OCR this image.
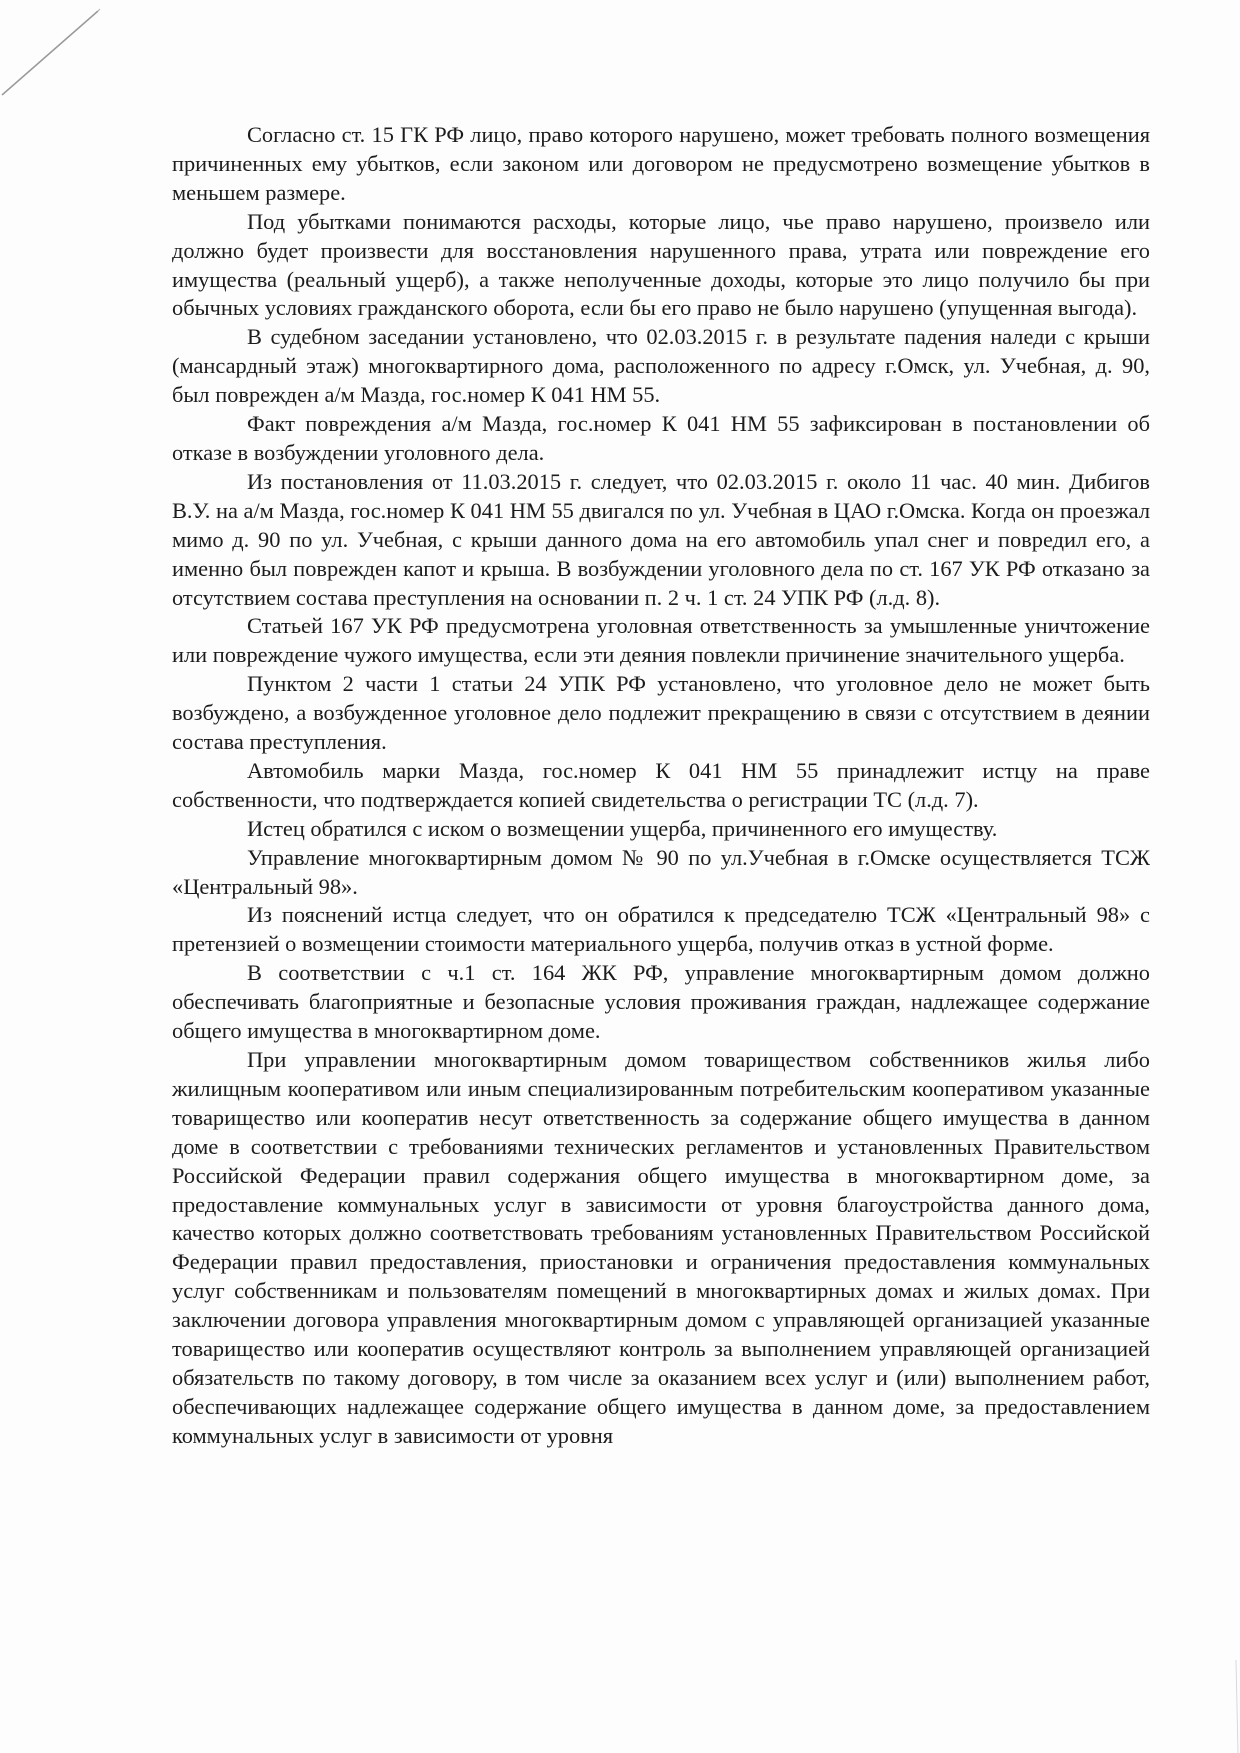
Согласно ст. 15 ГК РФ лицо, право которого нарушено, может требовать полного возмещения причиненных ему убытков, если законом или договором не предусмотрено возмещение убытков в меньшем размере.

Под убытками понимаются расходы, которые лицо, чье право нарушено, произвело или должно будет произвести для восстановления нарушенного права, утрата или повреждение его имущества (реальный ущерб), а также неполученные доходы, которые это лицо получило бы при обычных условиях гражданского оборота, если бы его право не было нарушено (упущенная выгода).

В судебном заседании установлено, что 02.03.2015 г. в результате падения наледи с крыши (мансардный этаж) многоквартирного дома, расположенного по адресу г.Омск, ул. Учебная, д. 90, был поврежден а/м Мазда, гос.номер К 041 НМ 55.

Факт повреждения а/м Мазда, гос.номер К 041 НМ 55 зафиксирован в постановлении об отказе в возбуждении уголовного дела.

Из постановления от 11.03.2015 г. следует, что 02.03.2015 г. около 11 час. 40 мин. Дибигов В.У. на а/м Мазда, гос.номер К 041 НМ 55 двигался по ул. Учебная в ЦАО г.Омска. Когда он проезжал мимо д. 90 по ул. Учебная, с крыши данного дома на его автомобиль упал снег и повредил его, а именно был поврежден капот и крыша. В возбуждении уголовного дела по ст. 167 УК РФ отказано за отсутствием состава преступления на основании п. 2 ч. 1 ст. 24 УПК РФ (л.д. 8).

Статьей 167 УК РФ предусмотрена уголовная ответственность за умышленные уничтожение или повреждение чужого имущества, если эти деяния повлекли причинение значительного ущерба.

Пунктом 2 части 1 статьи 24 УПК РФ установлено, что уголовное дело не может быть возбуждено, а возбужденное уголовное дело подлежит прекращению в связи с отсутствием в деянии состава преступления.

Автомобиль марки Мазда, гос.номер К 041 НМ 55 принадлежит истцу на праве собственности, что подтверждается копией свидетельства о регистрации ТС (л.д. 7).

Истец обратился с иском о возмещении ущерба, причиненного его имуществу.

Управление многоквартирным домом № 90 по ул.Учебная в г.Омске осуществляется ТСЖ «Центральный 98».

Из пояснений истца следует, что он обратился к председателю ТСЖ «Центральный 98» с претензией о возмещении стоимости материального ущерба, получив отказ в устной форме.

В соответствии с ч.1 ст. 164 ЖК РФ, управление многоквартирным домом должно обеспечивать благоприятные и безопасные условия проживания граждан, надлежащее содержание общего имущества в многоквартирном доме.

При управлении многоквартирным домом товариществом собственников жилья либо жилищным кооперативом или иным специализированным потребительским кооперативом указанные товарищество или кооператив несут ответственность за содержание общего имущества в данном доме в соответствии с требованиями технических регламентов и установленных Правительством Российской Федерации правил содержания общего имущества в многоквартирном доме, за предоставление коммунальных услуг в зависимости от уровня благоустройства данного дома, качество которых должно соответствовать требованиям установленных Правительством Российской Федерации правил предоставления, приостановки и ограничения предоставления коммунальных услуг собственникам и пользователям помещений в многоквартирных домах и жилых домах. При заключении договора управления многоквартирным домом с управляющей организацией указанные товарищество или кооператив осуществляют контроль за выполнением управляющей организацией обязательств по такому договору, в том числе за оказанием всех услуг и (или) выполнением работ, обеспечивающих надлежащее содержание общего имущества в данном доме, за предоставлением коммунальных услуг в зависимости от уровня
